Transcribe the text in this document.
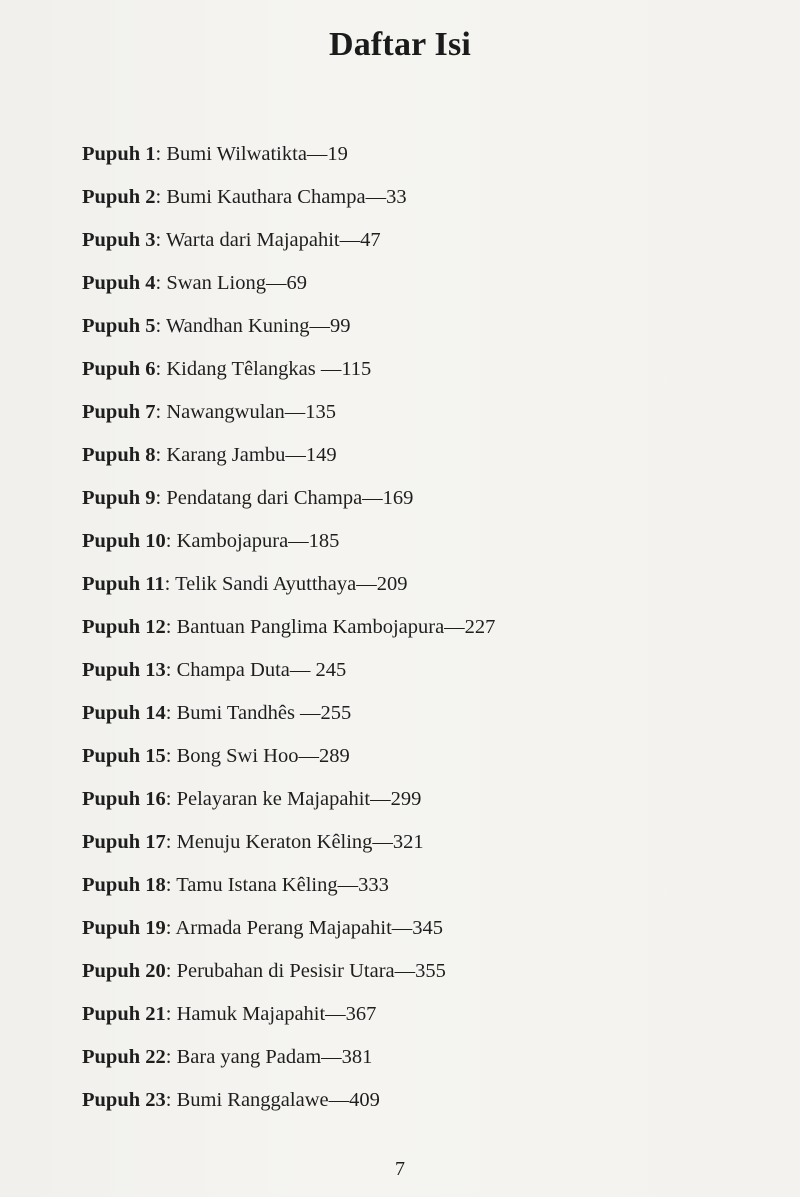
Daftar Isi
Pupuh 1: Bumi Wilwatikta—19
Pupuh 2: Bumi Kauthara Champa—33
Pupuh 3: Warta dari Majapahit—47
Pupuh 4: Swan Liong—69
Pupuh 5: Wandhan Kuning—99
Pupuh 6: Kidang Têlangkas —115
Pupuh 7: Nawangwulan—135
Pupuh 8: Karang Jambu—149
Pupuh 9: Pendatang dari Champa—169
Pupuh 10: Kambojapura—185
Pupuh 11: Telik Sandi Ayutthaya—209
Pupuh 12: Bantuan Panglima Kambojapura—227
Pupuh 13: Champa Duta— 245
Pupuh 14: Bumi Tandhês —255
Pupuh 15: Bong Swi Hoo—289
Pupuh 16: Pelayaran ke Majapahit—299
Pupuh 17: Menuju Keraton Kêling—321
Pupuh 18: Tamu Istana Kêling—333
Pupuh 19: Armada Perang Majapahit—345
Pupuh 20: Perubahan di Pesisir Utara—355
Pupuh 21: Hamuk Majapahit—367
Pupuh 22: Bara yang Padam—381
Pupuh 23: Bumi Ranggalawe—409
7
